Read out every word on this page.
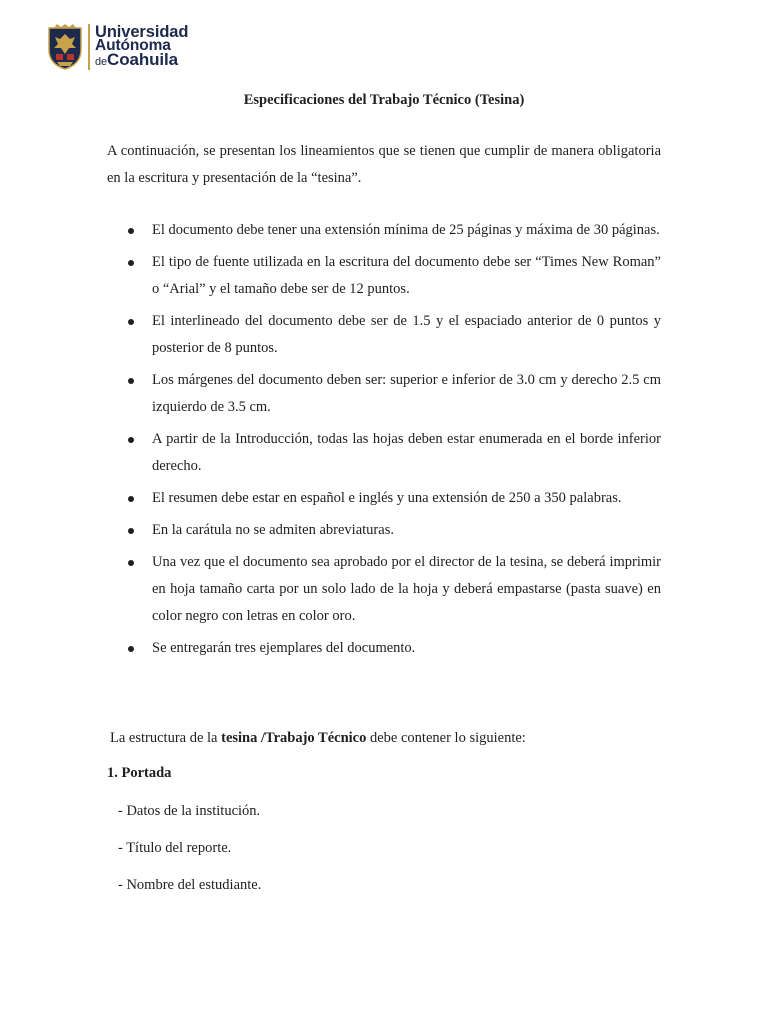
Universidad
Autónoma
deCoahuila
Especificaciones del Trabajo Técnico (Tesina)

A continuación, se presentan los lineamientos que se tienen que cumplir de manera obligatoria en la escritura y presentación de la “tesina”.

El documento debe tener una extensión mínima de 25 páginas y máxima de 30 páginas.
El tipo de fuente utilizada en la escritura del documento debe ser “Times New Roman” o “Arial” y el tamaño debe ser de 12 puntos.
El interlineado del documento debe ser de 1.5 y el espaciado anterior de 0 puntos y posterior de 8 puntos.
Los márgenes del documento deben ser: superior e inferior de 3.0 cm y derecho 2.5 cm izquierdo de 3.5 cm.
A partir de la Introducción, todas las hojas deben estar enumerada en el borde inferior derecho.
El resumen debe estar en español e inglés y una extensión de 250 a 350 palabras.
En la carátula no se admiten abreviaturas.
Una vez que el documento sea aprobado por el director de la tesina, se deberá imprimir en hoja tamaño carta por un solo lado de la hoja y deberá empastarse (pasta suave) en color negro con letras en color oro.
Se entregarán tres ejemplares del documento.
La estructura de la tesina /Trabajo Técnico debe contener lo siguiente:
1. Portada
- Datos de la institución.
- Título del reporte.
- Nombre del estudiante.
